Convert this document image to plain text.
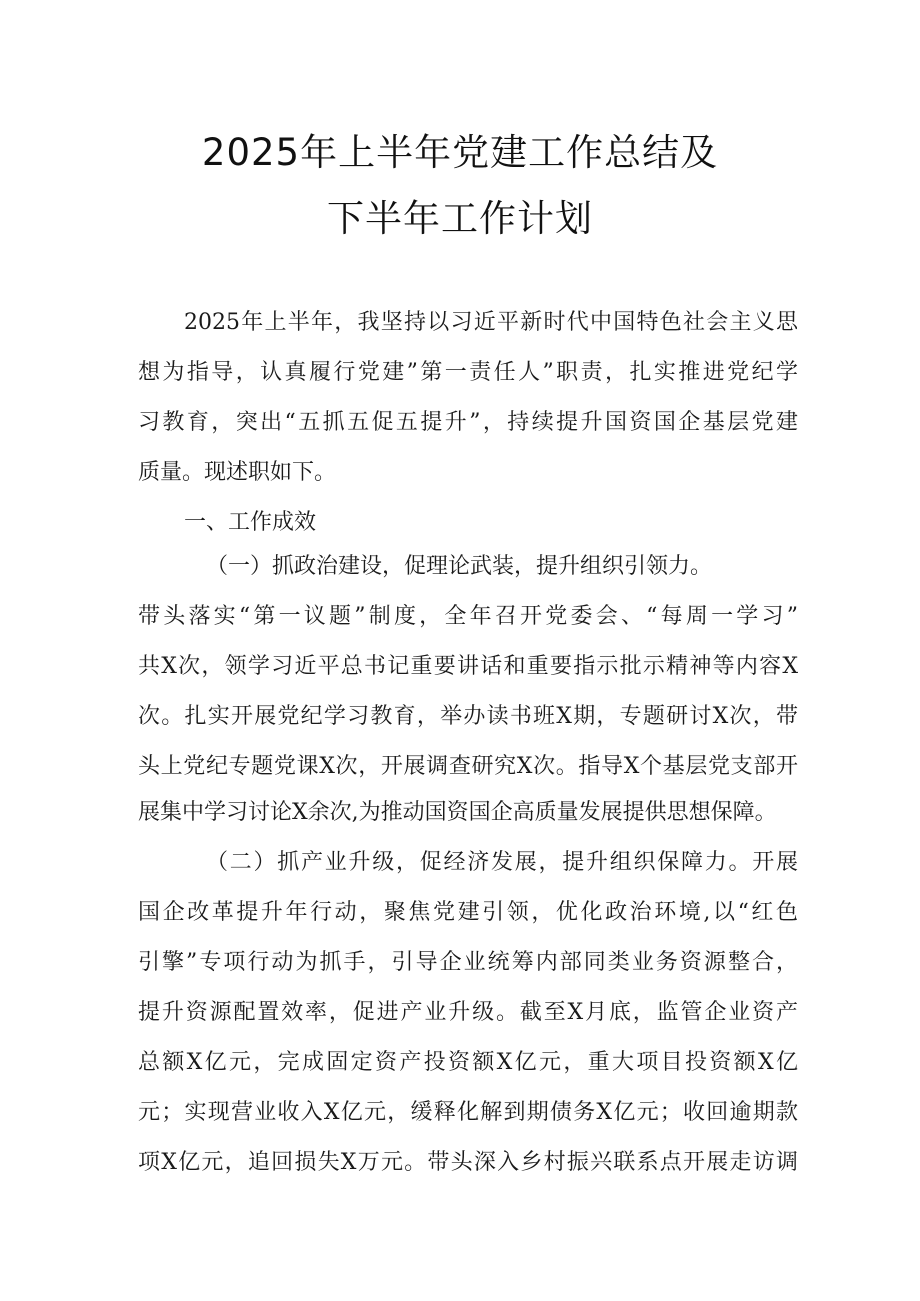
2025年上半年党建工作总结及
下半年工作计划
2025年上半年，我坚持以习近平新时代中国特色社会主义思
想为指导，认真履行党建”第一责任人”职责，扎实推进党纪学
习教育，突出“五抓五促五提升”，持续提升国资国企基层党建
质量。现述职如下。
一、工作成效
（一）抓政治建设，促理论武装，提升组织引领力。
带头落实“第一议题”制度，全年召开党委会、“每周一学习”
共X次，领学习近平总书记重要讲话和重要指示批示精神等内容X
次。扎实开展党纪学习教育，举办读书班X期，专题研讨X次，带
头上党纪专题党课X次，开展调查研究X次。指导X个基层党支部开
展集中学习讨论X余次,为推动国资国企高质量发展提供思想保障。
（二）抓产业升级，促经济发展，提升组织保障力。开展
国企改革提升年行动，聚焦党建引领，优化政治环境,以“红色
引擎”专项行动为抓手，引导企业统筹内部同类业务资源整合，
提升资源配置效率，促进产业升级。截至X月底，监管企业资产
总额X亿元，完成固定资产投资额X亿元，重大项目投资额X亿
元；实现营业收入X亿元，缓释化解到期债务X亿元；收回逾期款
项X亿元，追回损失X万元。带头深入乡村振兴联系点开展走访调
